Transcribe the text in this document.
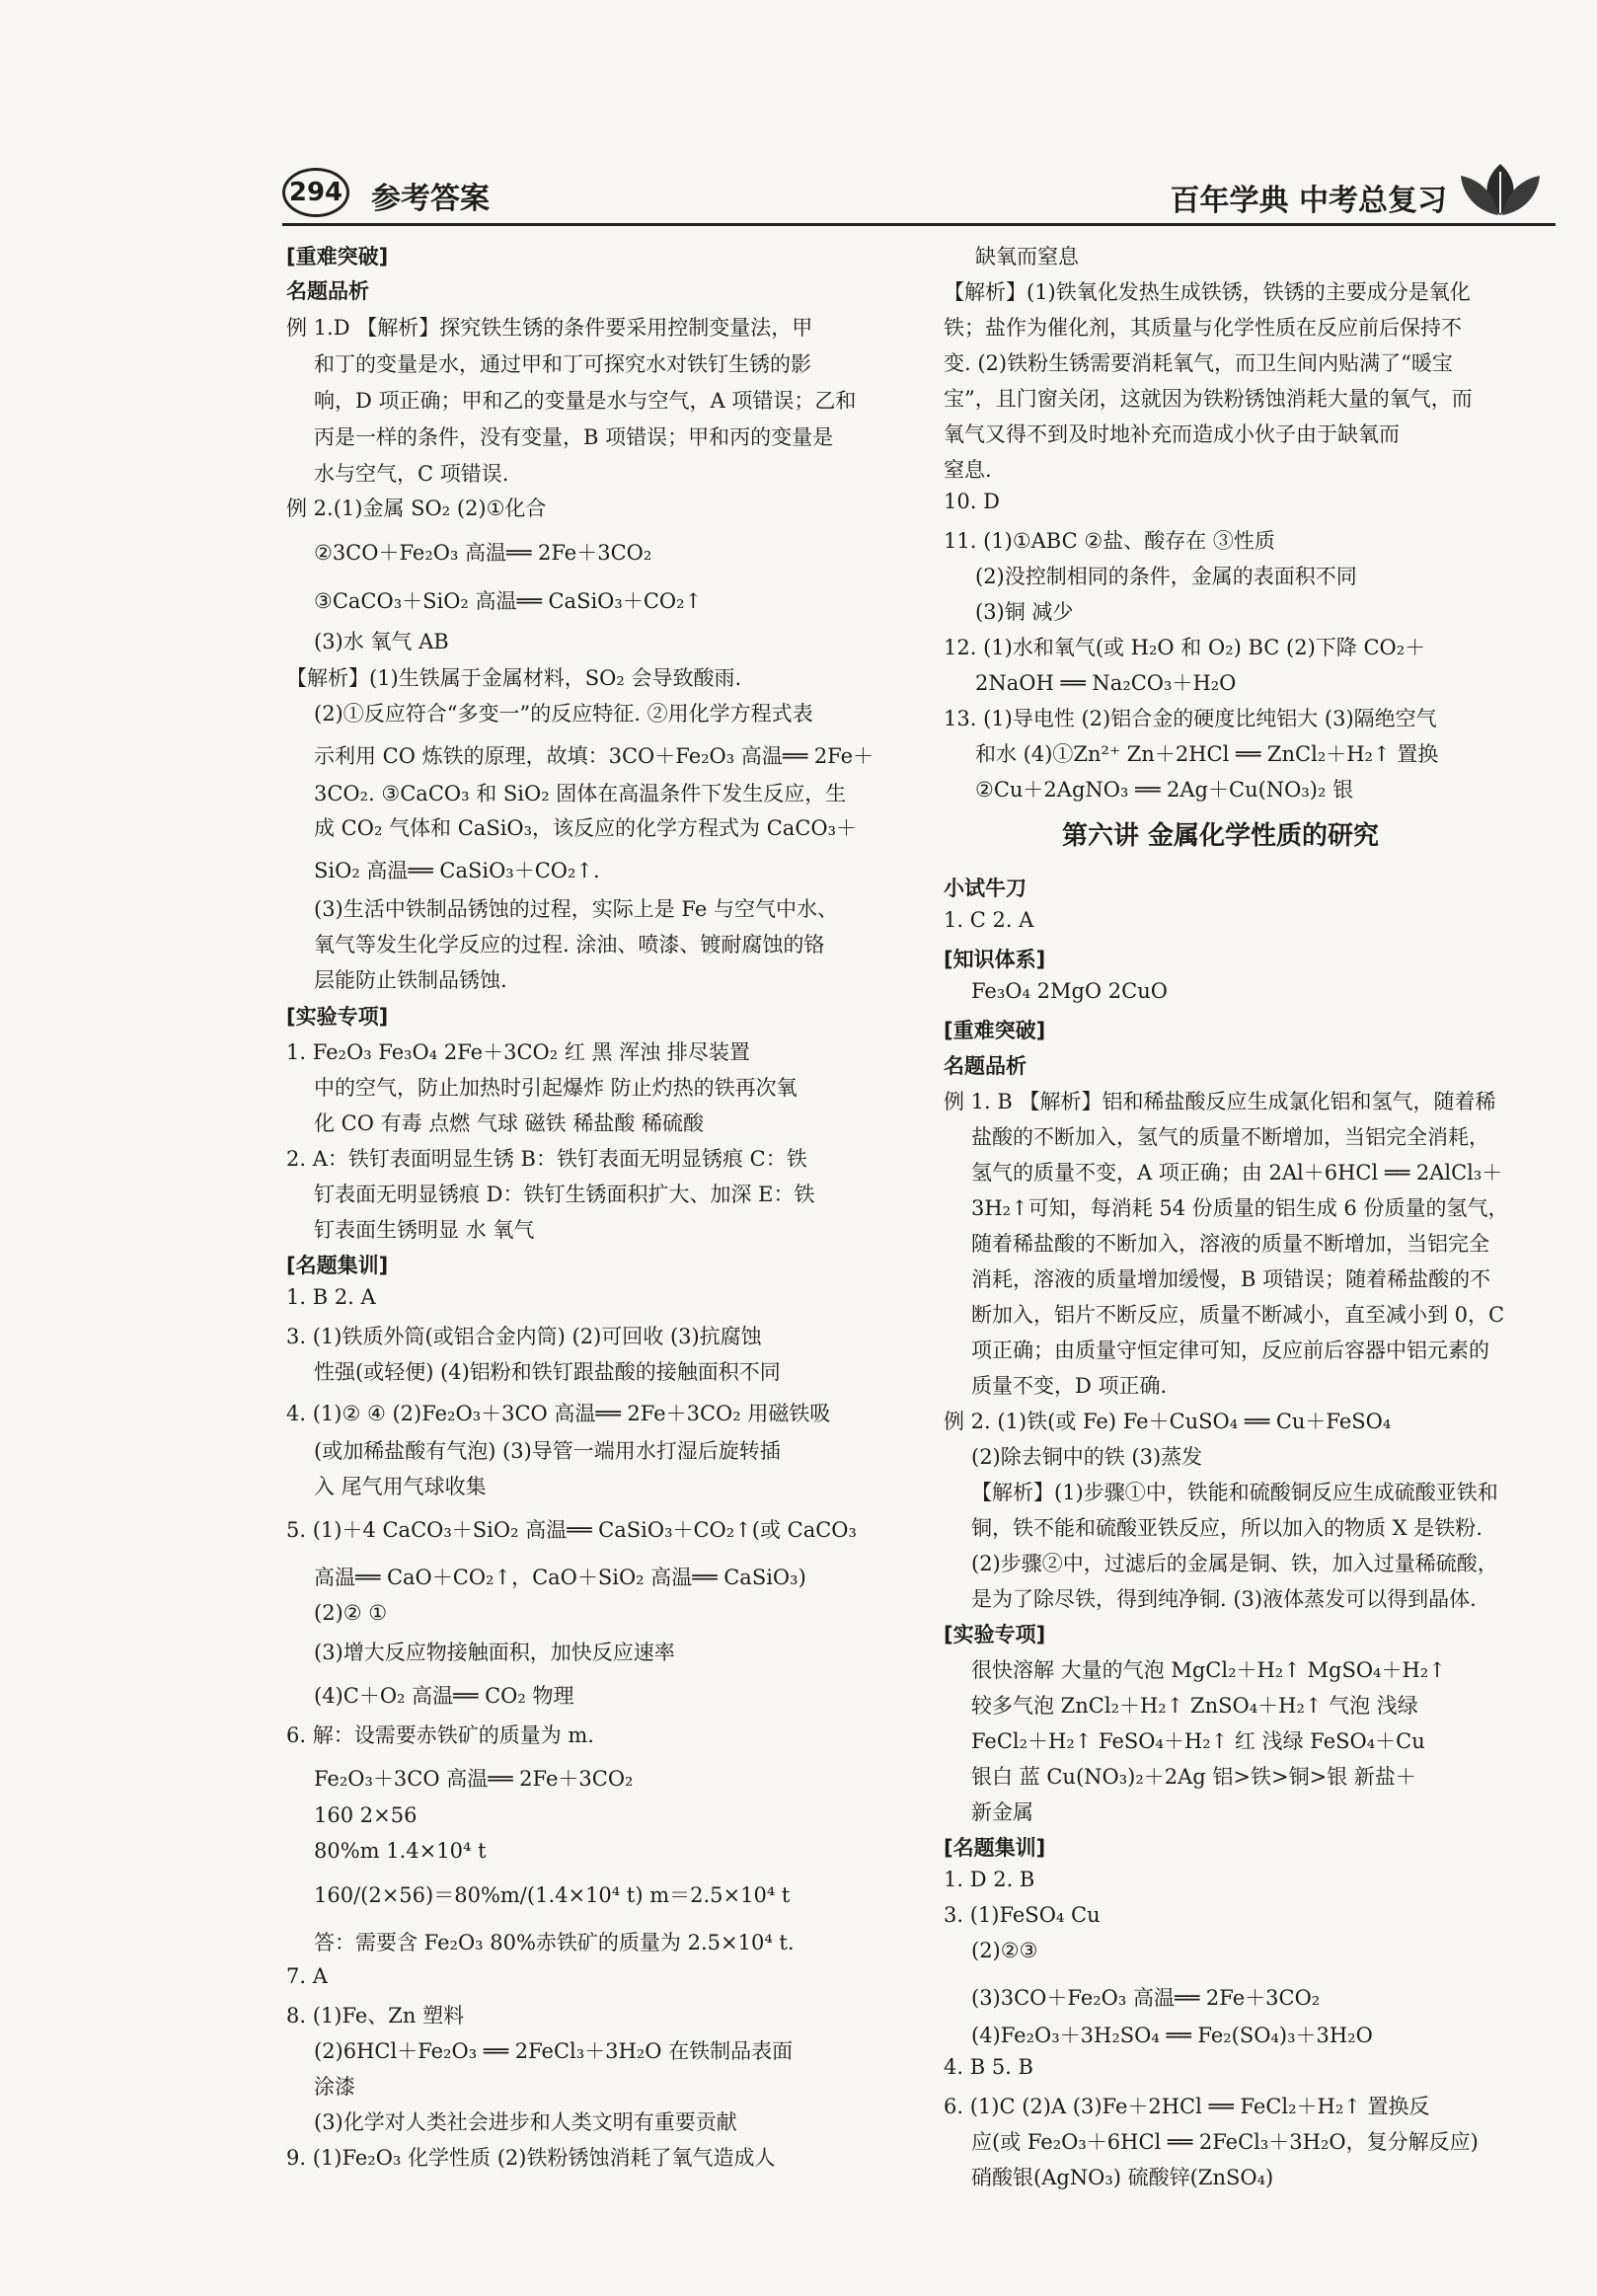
294 参考答案	百年学典 中考总复习
[重难突破]
名题品析
例 1.D 【解析】探究铁生锈的条件要采用控制变量法，甲
和丁的变量是水，通过甲和丁可探究水对铁钉生锈的影
响，D 项正确；甲和乙的变量是水与空气，A 项错误；乙和
丙是一样的条件，没有变量，B 项错误；甲和丙的变量是
水与空气，C 项错误.
例 2.(1)金属 SO₂ (2)①化合
②3CO＋Fe₂O₃ 高温══ 2Fe＋3CO₂
③CaCO₃＋SiO₂ 高温══ CaSiO₃＋CO₂↑
(3)水 氧气 AB
【解析】(1)生铁属于金属材料，SO₂ 会导致酸雨.
(2)①反应符合“多变一”的反应特征. ②用化学方程式表
示利用 CO 炼铁的原理，故填：3CO＋Fe₂O₃ 高温══ 2Fe＋
3CO₂. ③CaCO₃ 和 SiO₂ 固体在高温条件下发生反应，生
成 CO₂ 气体和 CaSiO₃，该反应的化学方程式为 CaCO₃＋
SiO₂ 高温══ CaSiO₃＋CO₂↑.
(3)生活中铁制品锈蚀的过程，实际上是 Fe 与空气中水、
氧气等发生化学反应的过程. 涂油、喷漆、镀耐腐蚀的铬
层能防止铁制品锈蚀.
[实验专项]
1. Fe₂O₃ Fe₃O₄ 2Fe＋3CO₂ 红 黑 浑浊 排尽装置
中的空气，防止加热时引起爆炸 防止灼热的铁再次氧
化 CO 有毒 点燃 气球 磁铁 稀盐酸 稀硫酸
2. A：铁钉表面明显生锈 B：铁钉表面无明显锈痕 C：铁
钉表面无明显锈痕 D：铁钉生锈面积扩大、加深 E：铁
钉表面生锈明显 水 氧气
[名题集训]
1. B 2. A
3. (1)铁质外筒(或铝合金内筒) (2)可回收 (3)抗腐蚀
性强(或轻便) (4)铝粉和铁钉跟盐酸的接触面积不同
4. (1)② ④ (2)Fe₂O₃＋3CO 高温══ 2Fe＋3CO₂ 用磁铁吸
(或加稀盐酸有气泡) (3)导管一端用水打湿后旋转插
入 尾气用气球收集
5. (1)＋4 CaCO₃＋SiO₂ 高温══ CaSiO₃＋CO₂↑(或 CaCO₃
高温══ CaO＋CO₂↑，CaO＋SiO₂ 高温══ CaSiO₃)
(2)② ①
(3)增大反应物接触面积，加快反应速率
(4)C＋O₂ 高温══ CO₂ 物理
6. 解：设需要赤铁矿的质量为 m.
Fe₂O₃＋3CO 高温══ 2Fe＋3CO₂
160 2×56
80%m 1.4×10⁴ t
160/(2×56)＝80%m/(1.4×10⁴ t) m＝2.5×10⁴ t
答：需要含 Fe₂O₃ 80%赤铁矿的质量为 2.5×10⁴ t.
7. A
8. (1)Fe、Zn 塑料
(2)6HCl＋Fe₂O₃ ══ 2FeCl₃＋3H₂O 在铁制品表面
涂漆
(3)化学对人类社会进步和人类文明有重要贡献
9. (1)Fe₂O₃ 化学性质 (2)铁粉锈蚀消耗了氧气造成人
缺氧而窒息
【解析】(1)铁氧化发热生成铁锈，铁锈的主要成分是氧化
铁；盐作为催化剂，其质量与化学性质在反应前后保持不
变. (2)铁粉生锈需要消耗氧气，而卫生间内贴满了“暖宝
宝”，且门窗关闭，这就因为铁粉锈蚀消耗大量的氧气，而
氧气又得不到及时地补充而造成小伙子由于缺氧而
窒息.
10. D
11. (1)①ABC ②盐、酸存在 ③性质
(2)没控制相同的条件，金属的表面积不同
(3)铜 减少
12. (1)水和氧气(或 H₂O 和 O₂) BC (2)下降 CO₂＋
2NaOH ══ Na₂CO₃＋H₂O
13. (1)导电性 (2)铝合金的硬度比纯铝大 (3)隔绝空气
和水 (4)①Zn²⁺ Zn＋2HCl ══ ZnCl₂＋H₂↑ 置换
②Cu＋2AgNO₃ ══ 2Ag＋Cu(NO₃)₂ 银
第六讲 金属化学性质的研究
小试牛刀
1. C 2. A
[知识体系]
Fe₃O₄ 2MgO 2CuO
[重难突破]
名题品析
例 1. B 【解析】铝和稀盐酸反应生成氯化铝和氢气，随着稀
盐酸的不断加入，氢气的质量不断增加，当铝完全消耗，
氢气的质量不变，A 项正确；由 2Al＋6HCl ══ 2AlCl₃＋
3H₂↑可知，每消耗 54 份质量的铝生成 6 份质量的氢气，
随着稀盐酸的不断加入，溶液的质量不断增加，当铝完全
消耗，溶液的质量增加缓慢，B 项错误；随着稀盐酸的不
断加入，铝片不断反应，质量不断减小，直至减小到 0，C
项正确；由质量守恒定律可知，反应前后容器中铝元素的
质量不变，D 项正确.
例 2. (1)铁(或 Fe) Fe＋CuSO₄ ══ Cu＋FeSO₄
(2)除去铜中的铁 (3)蒸发
【解析】(1)步骤①中，铁能和硫酸铜反应生成硫酸亚铁和
铜，铁不能和硫酸亚铁反应，所以加入的物质 X 是铁粉.
(2)步骤②中，过滤后的金属是铜、铁，加入过量稀硫酸，
是为了除尽铁，得到纯净铜. (3)液体蒸发可以得到晶体.
[实验专项]
很快溶解 大量的气泡 MgCl₂＋H₂↑ MgSO₄＋H₂↑
较多气泡 ZnCl₂＋H₂↑ ZnSO₄＋H₂↑ 气泡 浅绿
FeCl₂＋H₂↑ FeSO₄＋H₂↑ 红 浅绿 FeSO₄＋Cu
银白 蓝 Cu(NO₃)₂＋2Ag 铝>铁>铜>银 新盐＋
新金属
[名题集训]
1. D 2. B
3. (1)FeSO₄ Cu
(2)②③
(3)3CO＋Fe₂O₃ 高温══ 2Fe＋3CO₂
(4)Fe₂O₃＋3H₂SO₄ ══ Fe₂(SO₄)₃＋3H₂O
4. B 5. B
6. (1)C (2)A (3)Fe＋2HCl ══ FeCl₂＋H₂↑ 置换反
应(或 Fe₂O₃＋6HCl ══ 2FeCl₃＋3H₂O，复分解反应)
硝酸银(AgNO₃) 硫酸锌(ZnSO₄)
